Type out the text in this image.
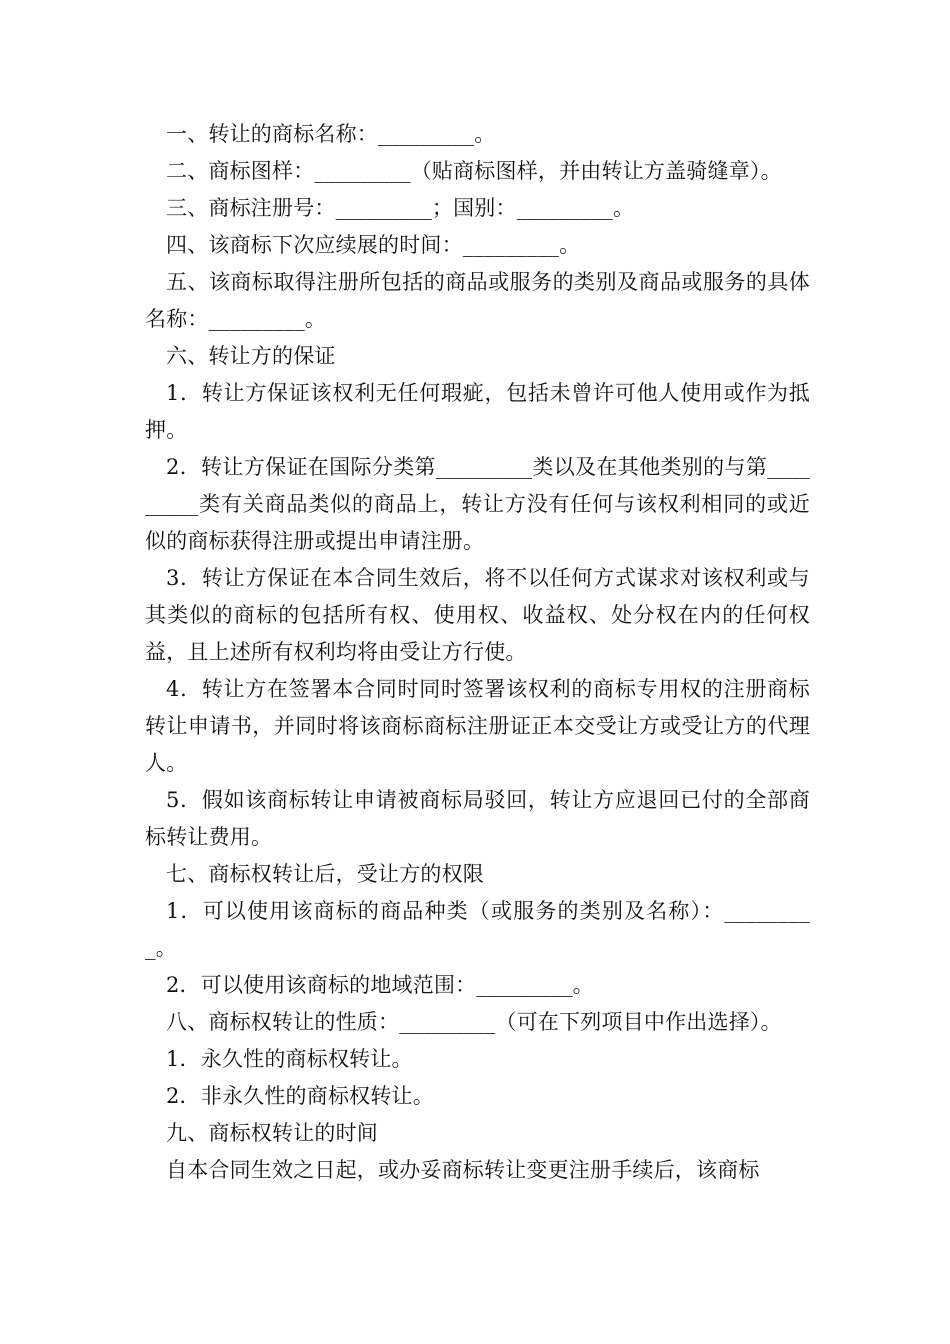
一、转让的商标名称：_________。

二、商标图样：_________（贴商标图样，并由转让方盖骑缝章）。

三、商标注册号：_________；国别：_________。

四、该商标下次应续展的时间：_________。

五、该商标取得注册所包括的商品或服务的类别及商品或服务的具体名称：_________。

六、转让方的保证

1．转让方保证该权利无任何瑕疵，包括未曾许可他人使用或作为抵押。

2．转让方保证在国际分类第_________类以及在其他类别的与第_________类有关商品类似的商品上，转让方没有任何与该权利相同的或近似的商标获得注册或提出申请注册。

3．转让方保证在本合同生效后，将不以任何方式谋求对该权利或与其类似的商标的包括所有权、使用权、收益权、处分权在内的任何权益，且上述所有权利均将由受让方行使。

4．转让方在签署本合同时同时签署该权利的商标专用权的注册商标转让申请书，并同时将该商标商标注册证正本交受让方或受让方的代理人。

5．假如该商标转让申请被商标局驳回，转让方应退回已付的全部商标转让费用。

七、商标权转让后，受让方的权限

1．可以使用该商标的商品种类（或服务的类别及名称）：_________。

2．可以使用该商标的地域范围：_________。

八、商标权转让的性质：_________（可在下列项目中作出选择）。

1．永久性的商标权转让。

2．非永久性的商标权转让。

九、商标权转让的时间

自本合同生效之日起，或办妥商标转让变更注册手续后，该商标
